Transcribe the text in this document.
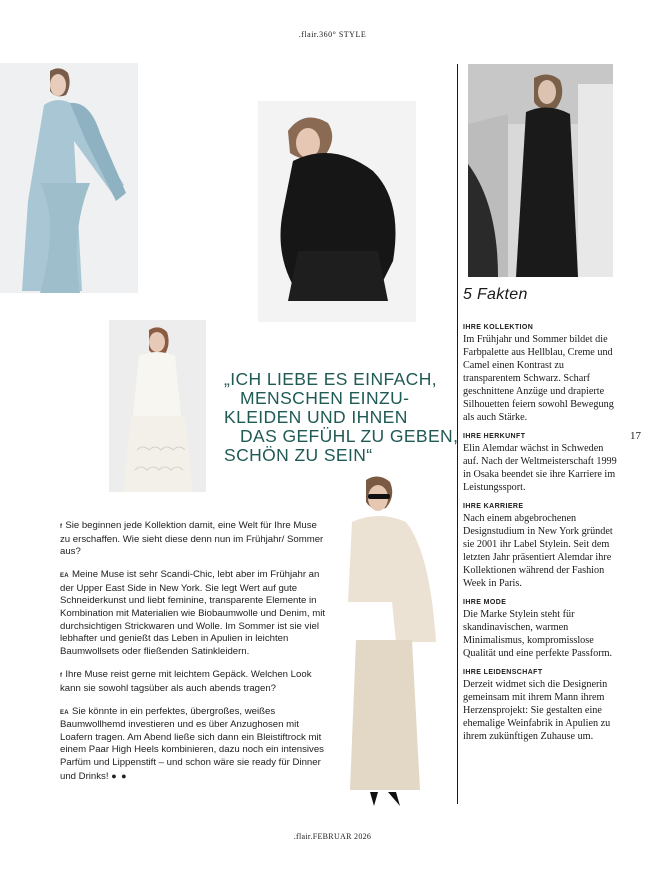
.flair.360° STYLE
„ICH LIEBE ES EINFACH,
MENSCHEN EINZU-
KLEIDEN UND IHNEN
DAS GEFÜHL ZU GEBEN,
SCHÖN ZU SEIN“

f Sie beginnen jede Kollektion damit, eine Welt für Ihre Muse zu erschaffen. Wie sieht diese denn nun im Frühjahr/ Sommer aus?

EA Meine Muse ist sehr Scandi-Chic, lebt aber im Frühjahr an der Upper East Side in New York. Sie legt Wert auf gute Schneiderkunst und liebt feminine, transparente Elemente in Kombination mit Materialien wie Biobaumwolle und Denim, mit durchsichtigen Strickwaren und Wolle. Im Sommer ist sie viel lebhafter und genießt das Leben in Apulien in leichten Baumwollsets oder fließenden Satinkleidern.

f Ihre Muse reist gerne mit leichtem Gepäck. Welchen Look kann sie sowohl tagsüber als auch abends tragen?

EA Sie könnte in ein perfektes, übergroßes, weißes Baumwollhemd investieren und es über Anzughosen mit Loafern tragen. Am Abend ließe sich dann ein Bleistiftrock mit einem Paar High Heels kombinieren, dazu noch ein intensives Parfüm und Lippenstift – und schon wäre sie ready für Dinner und Drinks! ● ●

5 Fakten
IHRE KOLLEKTION

Im Frühjahr und Sommer bildet die Farbpalette aus Hellblau, Creme und Camel einen Kontrast zu transparentem Schwarz. Scharf geschnittene Anzüge und drapierte Silhouetten feiern sowohl Bewegung als auch Stärke.

IHRE HERKUNFT

Elin Alemdar wächst in Schweden auf. Nach der Weltmeisterschaft 1999 in Osaka beendet sie ihre Karriere im Leistungssport.

IHRE KARRIERE

Nach einem abgebrochenen Designstudium in New York gründet sie 2001 ihr Label Stylein. Seit dem letzten Jahr präsentiert Alemdar ihre Kollektionen während der Fashion Week in Paris.

IHRE MODE

Die Marke Stylein steht für skandinavischen, warmen Minimalismus, kompromisslose Qualität und eine perfekte Passform.

IHRE LEIDENSCHAFT

Derzeit widmet sich die Designerin gemeinsam mit ihrem Mann ihrem Herzensprojekt: Sie gestalten eine ehemalige Weinfabrik in Apulien zu ihrem zukünftigen Zuhause um.

17
.flair.FEBRUAR 2026
